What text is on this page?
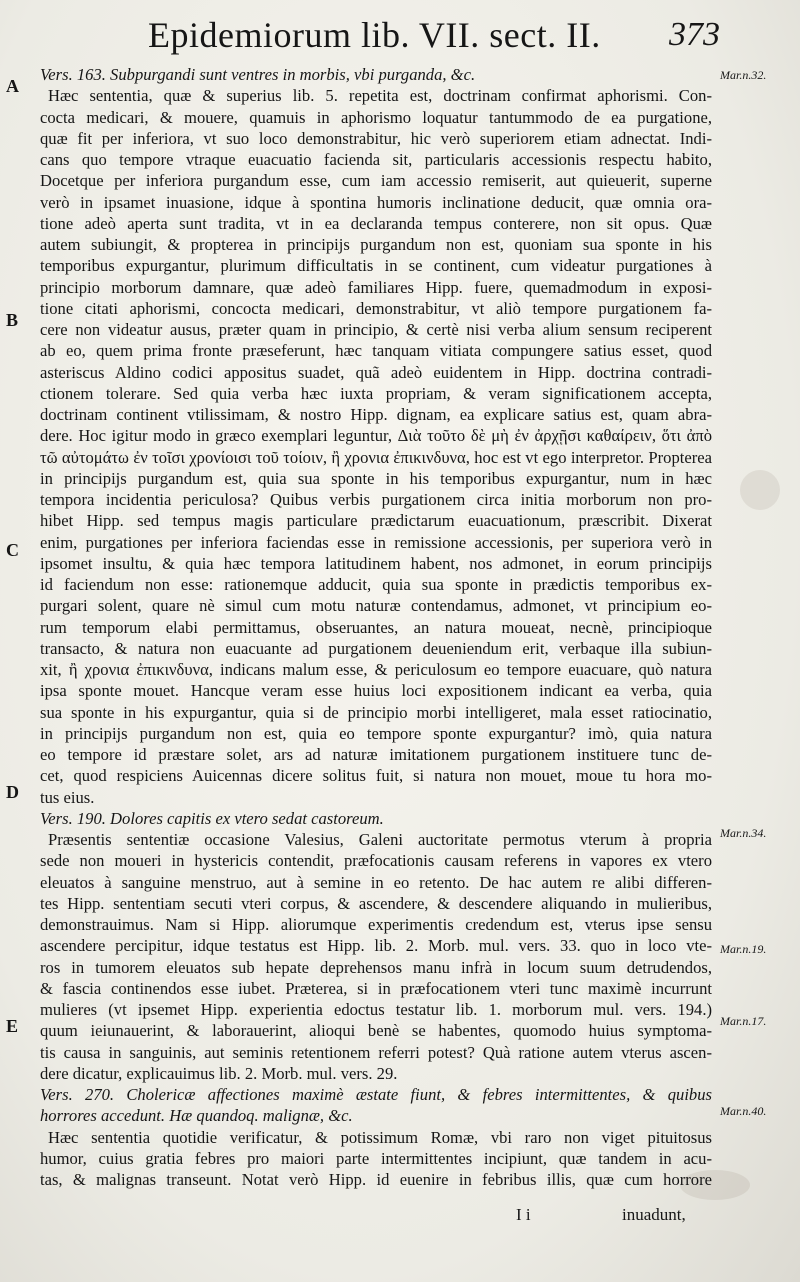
Epidemiorum lib. VII. sect. II. 373
A
B
C
D
E
Mar.n.32.
Mar.n.34.
Mar.n.19.
Mar.n.17.
Mar.n.40.
Vers. 163. Subpurgandi sunt ventres in morbis, vbi purganda, &c.
Hæc sententia, quæ & superius lib. 5. repetita est, doctrinam confirmat aphorismi. Con-
cocta medicari, & mouere, quamuis in aphorismo loquatur tantummodo de ea purgatione,
quæ fit per inferiora, vt suo loco demonstrabitur, hic verò superiorem etiam adnectat. Indi-
cans quo tempore vtraque euacuatio facienda sit, particularis accessionis respectu habito,
Docetque per inferiora purgandum esse, cum iam accessio remiserit, aut quieuerit, superne
verò in ipsamet inuasione, idque à spontina humoris inclinatione deducit, quæ omnia ora-
tione adeò aperta sunt tradita, vt in ea declaranda tempus conterere, non sit opus. Quæ
autem subiungit, & propterea in principijs purgandum non est, quoniam sua sponte in his
temporibus expurgantur, plurimum difficultatis in se continent, cum videatur purgationes à
principio morborum damnare, quæ adeò familiares Hipp. fuere, quemadmodum in exposi-
tione citati aphorismi, concocta medicari, demonstrabitur, vt aliò tempore purgationem fa-
cere non videatur ausus, præter quam in principio, & certè nisi verba alium sensum reciperent
ab eo, quem prima fronte præseferunt, hæc tanquam vitiata compungere satius esset, quod
asteriscus Aldino codici appositus suadet, quã adeò euidentem in Hipp. doctrina contradi-
ctionem tolerare. Sed quia verba hæc iuxta propriam, & veram significationem accepta,
doctrinam continent vtilissimam, & nostro Hipp. dignam, ea explicare satius est, quam abra-
dere. Hoc igitur modo in græco exemplari leguntur, Διὰ τοῦτο δὲ μὴ ἐν ἀρχῇσι καθαίρειν, ὅτι ἀπὸ
τῶ αὐτομάτω ἐν τοῖσι χρονίοισι τοῦ τοίοιν, ἢ χρονια ἐπικινδυνα, hoc est vt ego interpretor. Propterea
in principijs purgandum est, quia sua sponte in his temporibus expurgantur, num in hæc
tempora incidentia periculosa? Quibus verbis purgationem circa initia morborum non pro-
hibet Hipp. sed tempus magis particulare prædictarum euacuationum, præscribit. Dixerat
enim, purgationes per inferiora faciendas esse in remissione accessionis, per superiora verò in
ipsomet insultu, & quia hæc tempora latitudinem habent, nos admonet, in eorum principijs
id faciendum non esse: rationemque adducit, quia sua sponte in prædictis temporibus ex-
purgari solent, quare nè simul cum motu naturæ contendamus, admonet, vt principium eo-
rum temporum elabi permittamus, obseruantes, an natura moueat, necnè, principioque
transacto, & natura non euacuante ad purgationem deueniendum erit, verbaque illa subiun-
xit, ἢ χρονια ἐπικινδυνα, indicans malum esse, & periculosum eo tempore euacuare, quò natura
ipsa sponte mouet. Hancque veram esse huius loci expositionem indicant ea verba, quia
sua sponte in his expurgantur, quia si de principio morbi intelligeret, mala esset ratiocinatio,
in principijs purgandum non est, quia eo tempore sponte expurgantur? imò, quia natura
eo tempore id præstare solet, ars ad naturæ imitationem purgationem instituere tunc de-
cet, quod respiciens Auicennas dicere solitus fuit, si natura non mouet, moue tu hora mo-
tus eius.
Vers. 190. Dolores capitis ex vtero sedat castoreum.
Præsentis sententiæ occasione Valesius, Galeni auctoritate permotus vterum à propria
sede non moueri in hystericis contendit, præfocationis causam referens in vapores ex vtero
eleuatos à sanguine menstruo, aut à semine in eo retento. De hac autem re alibi differen-
tes Hipp. sententiam secuti vteri corpus, & ascendere, & descendere aliquando in mulieribus,
demonstrauimus. Nam si Hipp. aliorumque experimentis credendum est, vterus ipse sensu
ascendere percipitur, idque testatus est Hipp. lib. 2. Morb. mul. vers. 33. quo in loco vte-
ros in tumorem eleuatos sub hepate deprehensos manu infrà in locum suum detrudendos,
& fascia continendos esse iubet. Præterea, si in præfocationem vteri tunc maximè incurrunt
mulieres (vt ipsemet Hipp. experientia edoctus testatur lib. 1. morborum mul. vers. 194.)
quum ieiunauerint, & laborauerint, alioqui benè se habentes, quomodo huius symptoma-
tis causa in sanguinis, aut seminis retentionem referri potest? Quà ratione autem vterus ascen-
dere dicatur, explicauimus lib. 2. Morb. mul. vers. 29.
Vers. 270. Cholericæ affectiones maximè æstate fiunt, & febres intermittentes, & quibus
horrores accedunt. Hæ quandoq. malignæ, &c.
Hæc sententia quotidie verificatur, & potissimum Romæ, vbi raro non viget pituitosus
humor, cuius gratia febres pro maiori parte intermittentes incipiunt, quæ tandem in acu-
tas, & malignas transeunt. Notat verò Hipp. id euenire in febribus illis, quæ cum horrore
I i	inuadunt,
